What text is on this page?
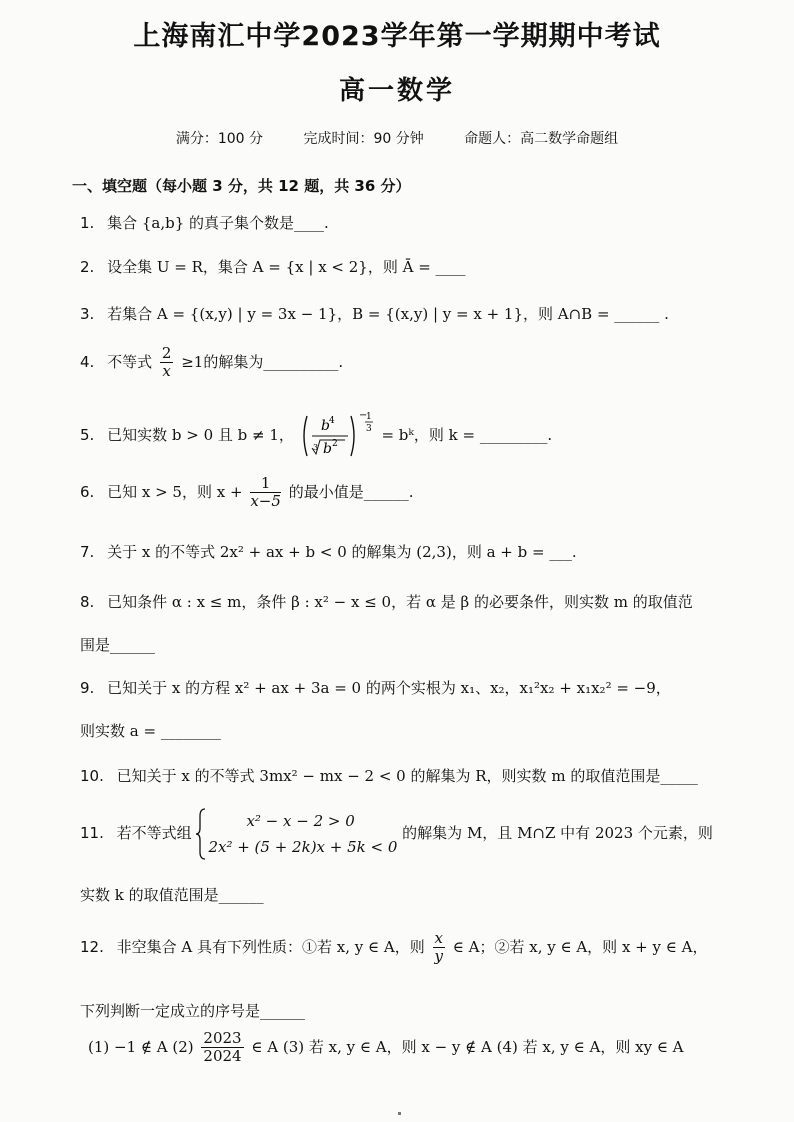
上海南汇中学2023学年第一学期期中考试
高一数学
满分：100 分	完成时间：90 分钟	命题人：高二数学命题组
一、填空题（每小题 3 分，共 12 题，共 36 分）
1. 集合 {a,b} 的真子集个数是____.
2. 设全集 U = R，集合 A = {x | x < 2}，则 Ā = ____
3. 若集合 A = {(x,y) | y = 3x − 1}，B = {(x,y) | y = x + 1}，则 A∩B = ______ .
4. 不等式 $\frac{2}{x} \ge 1$的解集为__________.
5. 已知实数 b > 0 且 b ≠ 1， b 4
3 b 2
−
1
3 = bᵏ，则 k = _________.
6. 已知 x > 5，则 $x + \frac{1}{x-5}$ 的最小值是______.
7. 关于 x 的不等式 2x² + ax + b < 0 的解集为 (2,3)，则 a + b = ___.
8. 已知条件 α : x ≤ m，条件 β : x² − x ≤ 0，若 α 是 β 的必要条件，则实数 m 的取值范
围是______
9. 已知关于 x 的方程 x² + ax + 3a = 0 的两个实根为 x₁、x₂，x₁²x₂ + x₁x₂² = −9，
则实数 a = ________
10. 已知关于 x 的不等式 3mx² − mx − 2 < 0 的解集为 R，则实数 m 的取值范围是_____
11. 若不等式组
x² − x − 2 > 0
2x² + (5 + 2k)x + 5k < 0
的解集为 M，且 M∩Z 中有 2023 个元素，则
实数 k 的取值范围是______
12. 非空集合 A 具有下列性质：①若 x, y ∈ A，则 $\frac{x}{y}$ ∈ A；②若 x, y ∈ A，则 x + y ∈ A，
下列判断一定成立的序号是______
(1) −1 ∉ A $(2) \frac{2023}{2024}$ ∈ A (3) 若 x, y ∈ A，则 x − y ∉ A (4) 若 x, y ∈ A，则 xy ∈ A
